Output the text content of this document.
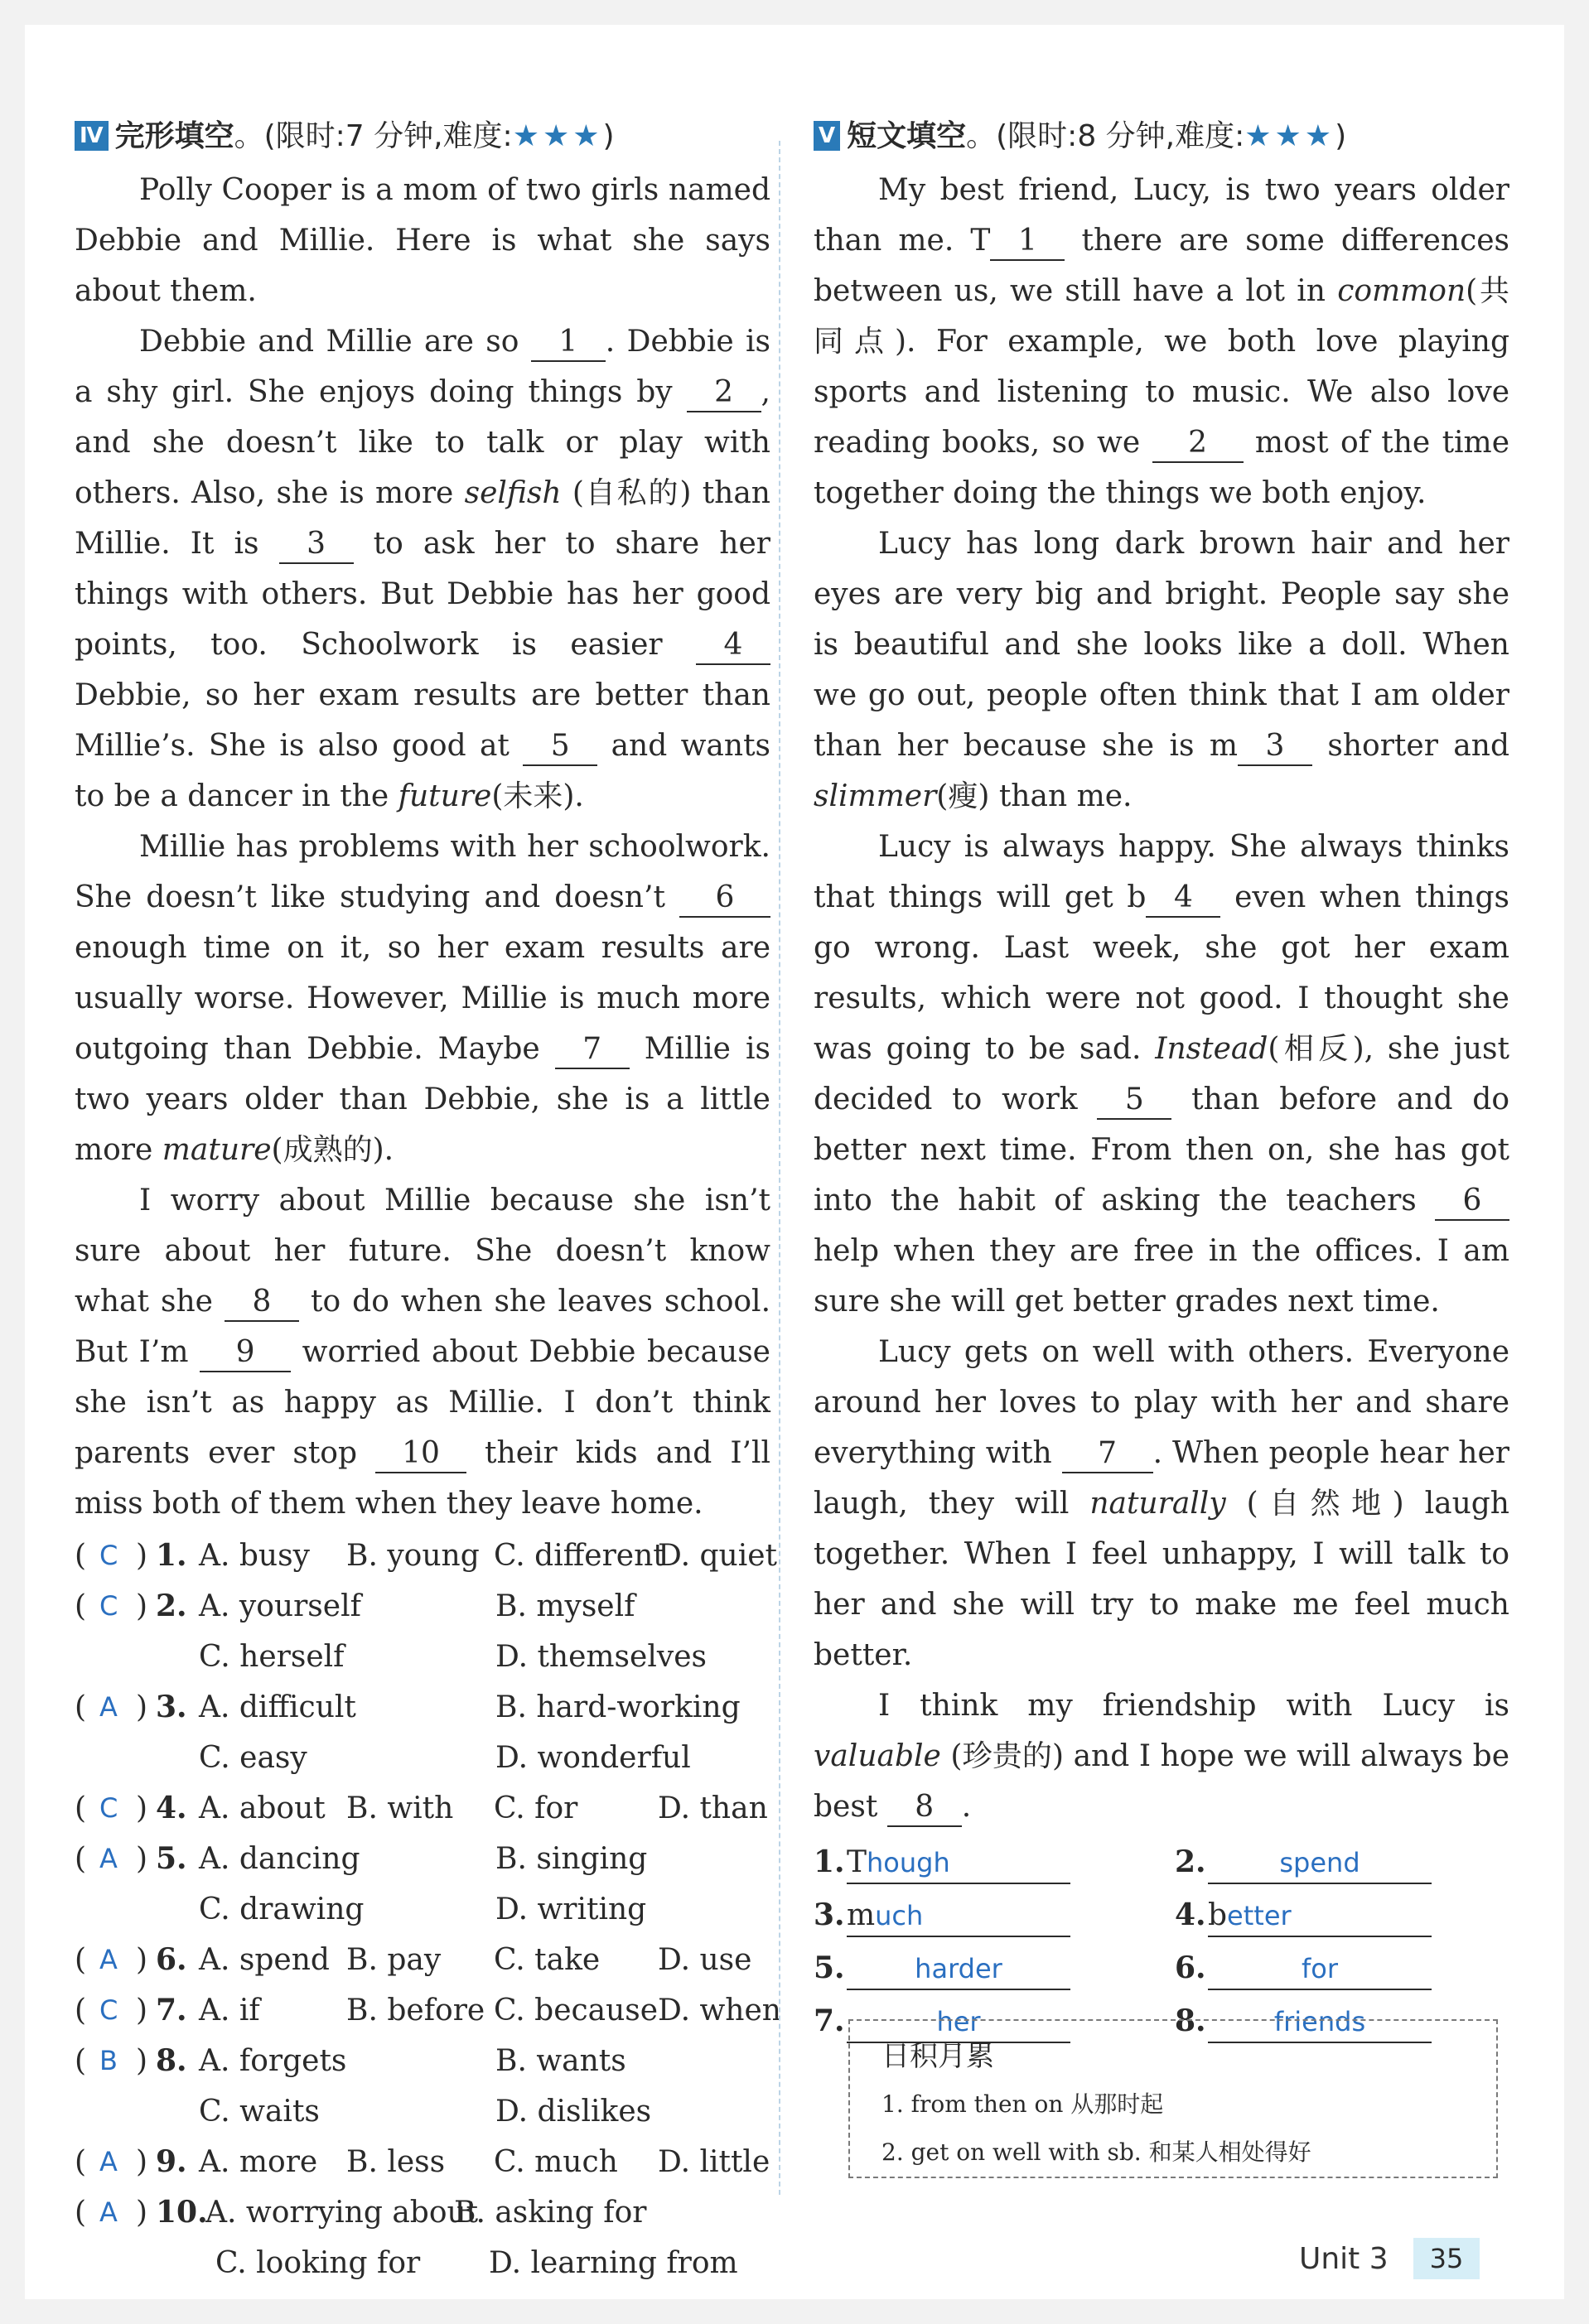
Ⅳ 完形填空。(限时:7 分钟,难度:★★★)

Polly Cooper is a mom of two girls named Debbie and Millie. Here is what she says about them.

Debbie and Millie are so 1 . Debbie is a shy girl. She enjoys doing things by 2 , and she doesn’t like to talk or play with others. Also, she is more selfish (自私的) than Millie. It is 3 to ask her to share her things with others. But Debbie has her good points, too. Schoolwork is easier 4 Debbie, so her exam results are better than Millie’s. She is also good at 5 and wants to be a dancer in the future(未来).

Millie has problems with her schoolwork. She doesn’t like studying and doesn’t 6 enough time on it, so her exam results are usually worse. However, Millie is much more outgoing than Debbie. Maybe 7 Millie is two years older than Debbie, she is a little more mature(成熟的).

I worry about Millie because she isn’t sure about her future. She doesn’t know what she 8 to do when she leaves school. But I’m 9 worried about Debbie because she isn’t as happy as Millie. I don’t think parents ever stop 10 their kids and I’ll miss both of them when they leave home.

( C ) 1. A. busy	B. young C. different
D. quiet
( C ) 2. A. yourself	B. myself
C. herself	D. themselves
( A ) 3. A. difficult	B. hard-working
C. easy	D. wonderful
( C ) 4. A. about B. with	C. for	D. than
( A ) 5. A. dancing	B. singing
C. drawing	D. writing
( A ) 6. A. spend B. pay	C. take	D. use
( C ) 7. A. if	B. before C. because D. when
( B ) 8. A. forgets	B. wants
C. waits	D. dislikes
( A ) 9. A. more B. less	C. much	D. little
( A ) 10.
A. worrying about
B. asking for
C. looking for	D. learning from
Ⅴ 短文填空。(限时:8 分钟,难度:★★★)

My best friend, Lucy, is two years older than me. T 1 there are some differences between us, we still have a lot in common(共同点). For example, we both love playing sports and listening to music. We also love reading books, so we 2 most of the time together doing the things we both enjoy.

Lucy has long dark brown hair and her eyes are very big and bright. People say she is beautiful and she looks like a doll. When we go out, people often think that I am older than her because she is m 3 shorter and slimmer(瘦) than me.

Lucy is always happy. She always thinks that things will get b 4 even when things go wrong. Last week, she got her exam results, which were not good. I thought she was going to be sad. Instead(相反), she just decided to work 5 than before and do better next time. From then on, she has got into the habit of asking the teachers 6 help when they are free in the offices. I am sure she will get better grades next time.

Lucy gets on well with others. Everyone around her loves to play with her and share everything with 7 . When people hear her laugh, they will naturally (自然地) laugh together. When I feel unhappy, I will talk to her and she will try to make me feel much better.

I think my friendship with Lucy is valuable (珍贵的) and I hope we will always be best 8 .

1. Though	2.	spend
3. much	4. better
5.	harder	6.	for
7.	her	8.	friends
日积月累
1. from then on 从那时起
2. get on well with sb. 和某人相处得好
Unit 3	35
